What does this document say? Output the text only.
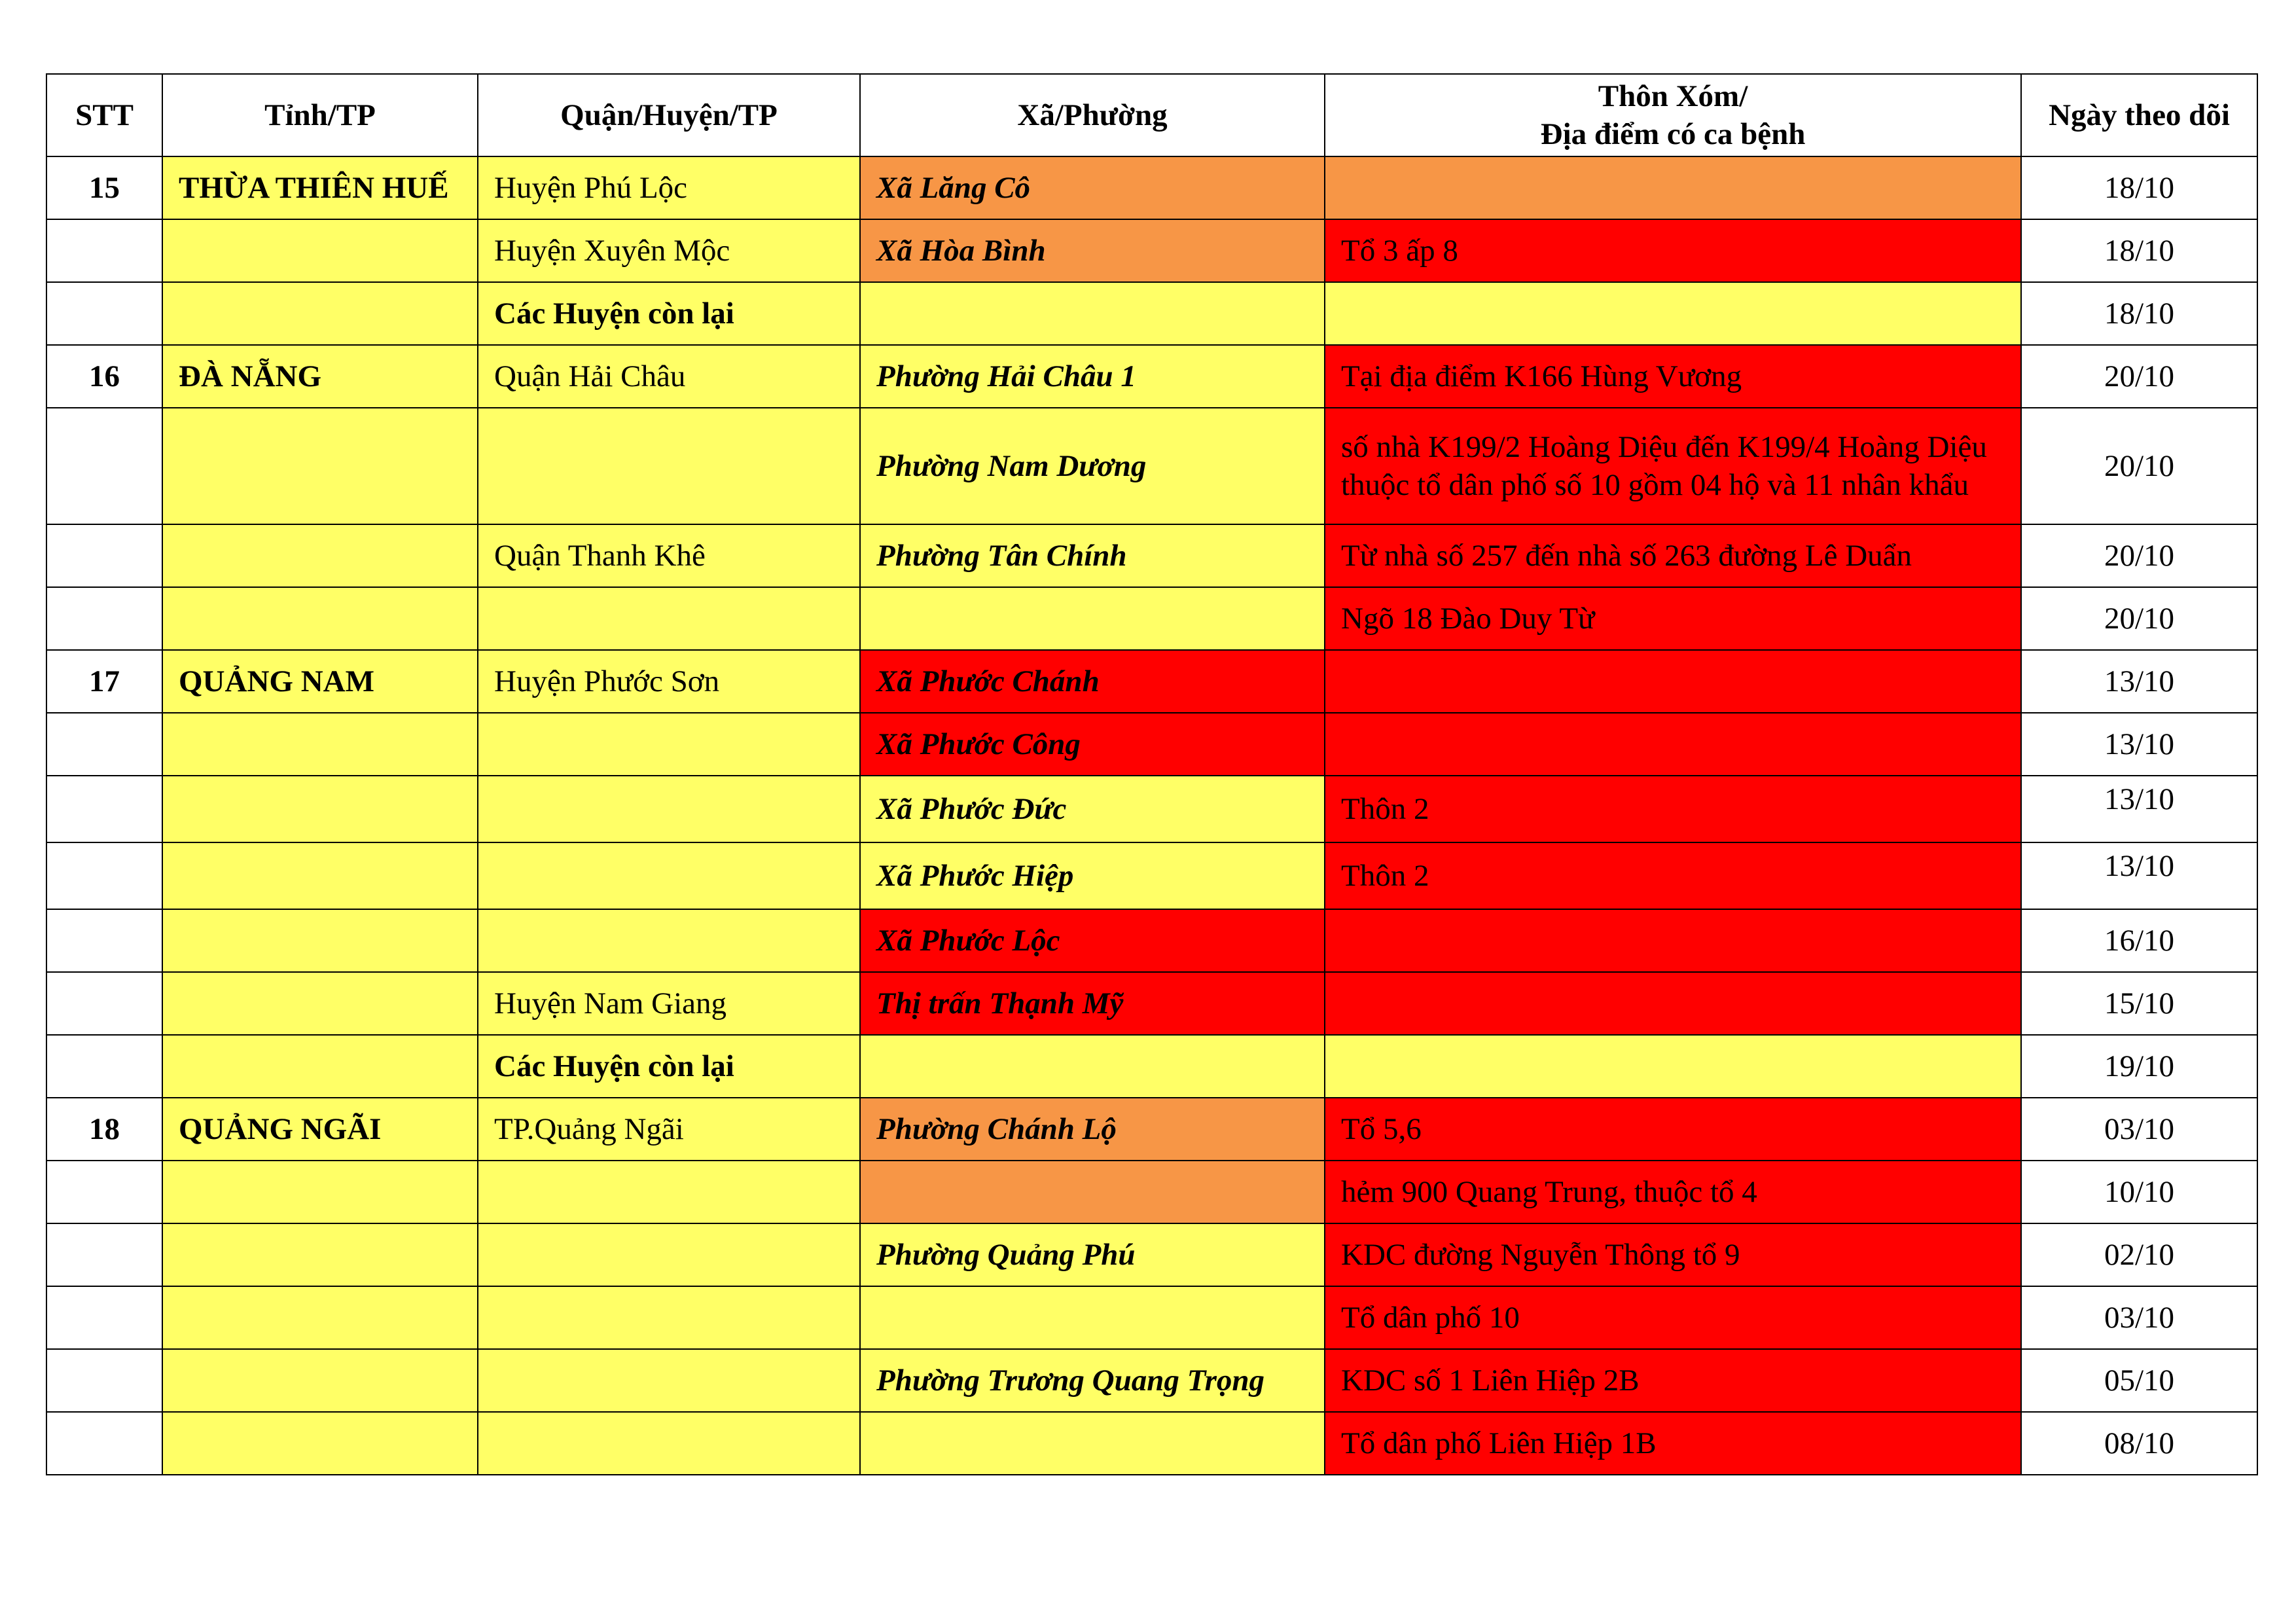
STT	Tỉnh/TP	Quận/Huyện/TP	Xã/Phường	Thôn Xóm/
Địa điểm có ca bệnh	Ngày theo dõi
15	THỪA THIÊN HUẾ	Huyện Phú Lộc	Xã Lăng Cô		18/10
		Huyện Xuyên Mộc	Xã Hòa Bình	Tổ 3 ấp 8	18/10
		Các Huyện còn lại			18/10
16	ĐÀ NẴNG	Quận Hải Châu	Phường Hải Châu 1	Tại địa điểm K166 Hùng Vương	20/10
			Phường Nam Dương	số nhà K199/2 Hoàng Diệu đến K199/4 Hoàng Diệu thuộc tổ dân phố số 10 gồm 04 hộ và 11 nhân khẩu	20/10
		Quận Thanh Khê	Phường Tân Chính	Từ nhà số 257 đến nhà số 263 đường Lê Duẩn	20/10
				Ngõ 18 Đào Duy Từ	20/10
17	QUẢNG NAM	Huyện Phước Sơn	Xã Phước Chánh		13/10
			Xã Phước Công		13/10
			Xã Phước Đức	Thôn 2	13/10
			Xã Phước Hiệp	Thôn 2	13/10
			Xã Phước Lộc		16/10
		Huyện Nam Giang	Thị trấn Thạnh Mỹ		15/10
		Các Huyện còn lại			19/10
18	QUẢNG NGÃI	TP.Quảng Ngãi	Phường Chánh Lộ	Tổ 5,6	03/10
				hẻm 900 Quang Trung, thuộc tổ 4	10/10
			Phường Quảng Phú	KDC đường Nguyễn Thông tổ 9	02/10
				Tổ dân phố 10	03/10
			Phường Trương Quang Trọng	KDC số 1 Liên Hiệp 2B	05/10
				Tổ dân phố Liên Hiệp 1B	08/10
